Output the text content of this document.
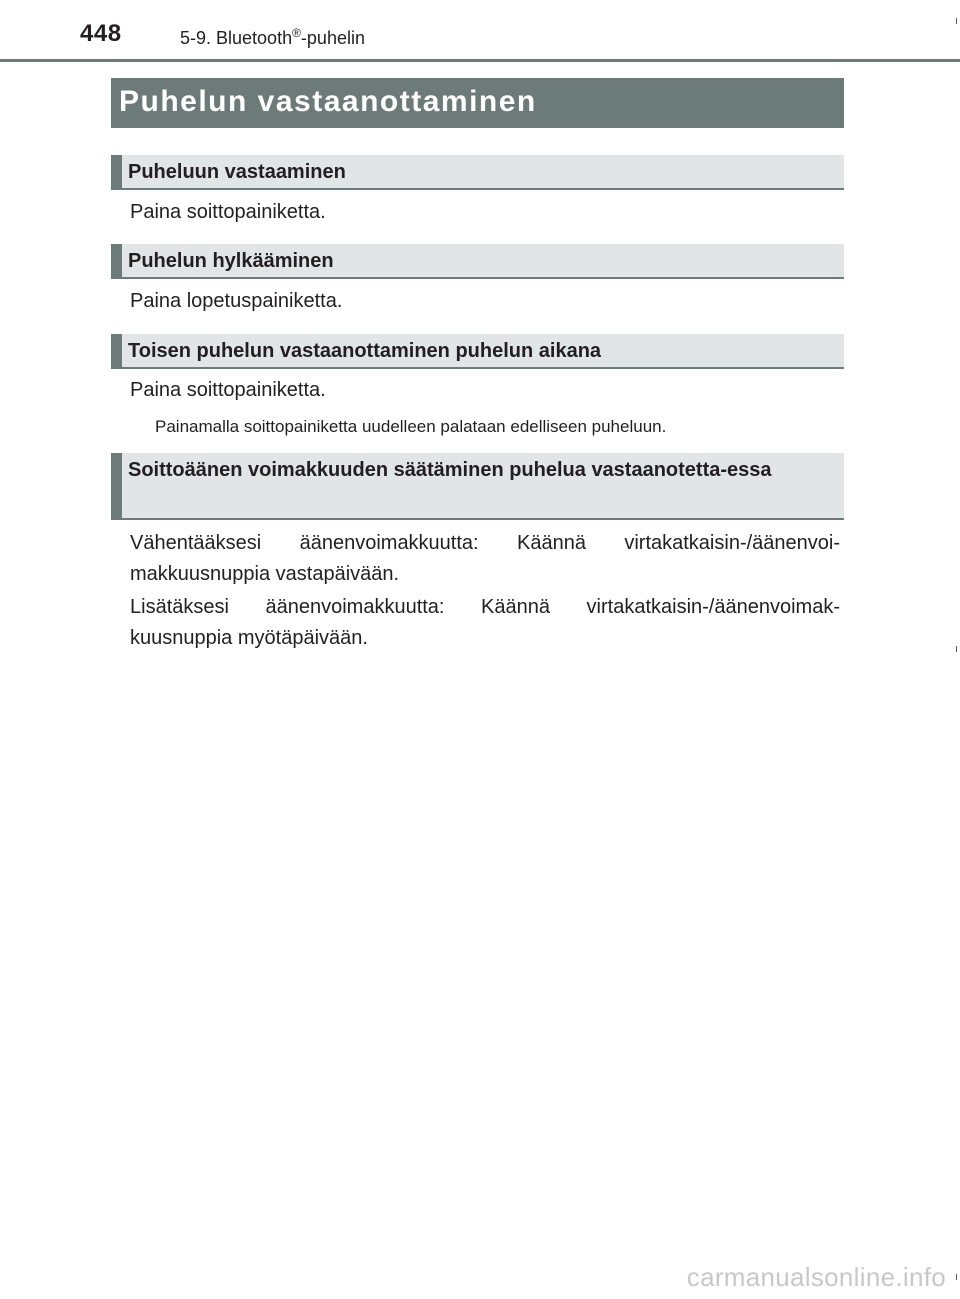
448	5-9. Bluetooth®-puhelin
Puhelun vastaanottaminen
Puheluun vastaaminen

Paina soittopainiketta.

Puhelun hylkääminen

Paina lopetuspainiketta.

Toisen puhelun vastaanottaminen puhelun aikana

Paina soittopainiketta.

Painamalla soittopainiketta uudelleen palataan edelliseen puheluun.

Soittoäänen voimakkuuden säätäminen puhelua vastaanotetta-essa

Vähentääksesi äänenvoimakkuutta: Käännä virtakatkaisin-/äänenvoi-makkuusnuppia vastapäivään.

Lisätäksesi äänenvoimakkuutta: Käännä virtakatkaisin-/äänenvoimak-kuusnuppia myötäpäivään.

carmanualsonline.info
